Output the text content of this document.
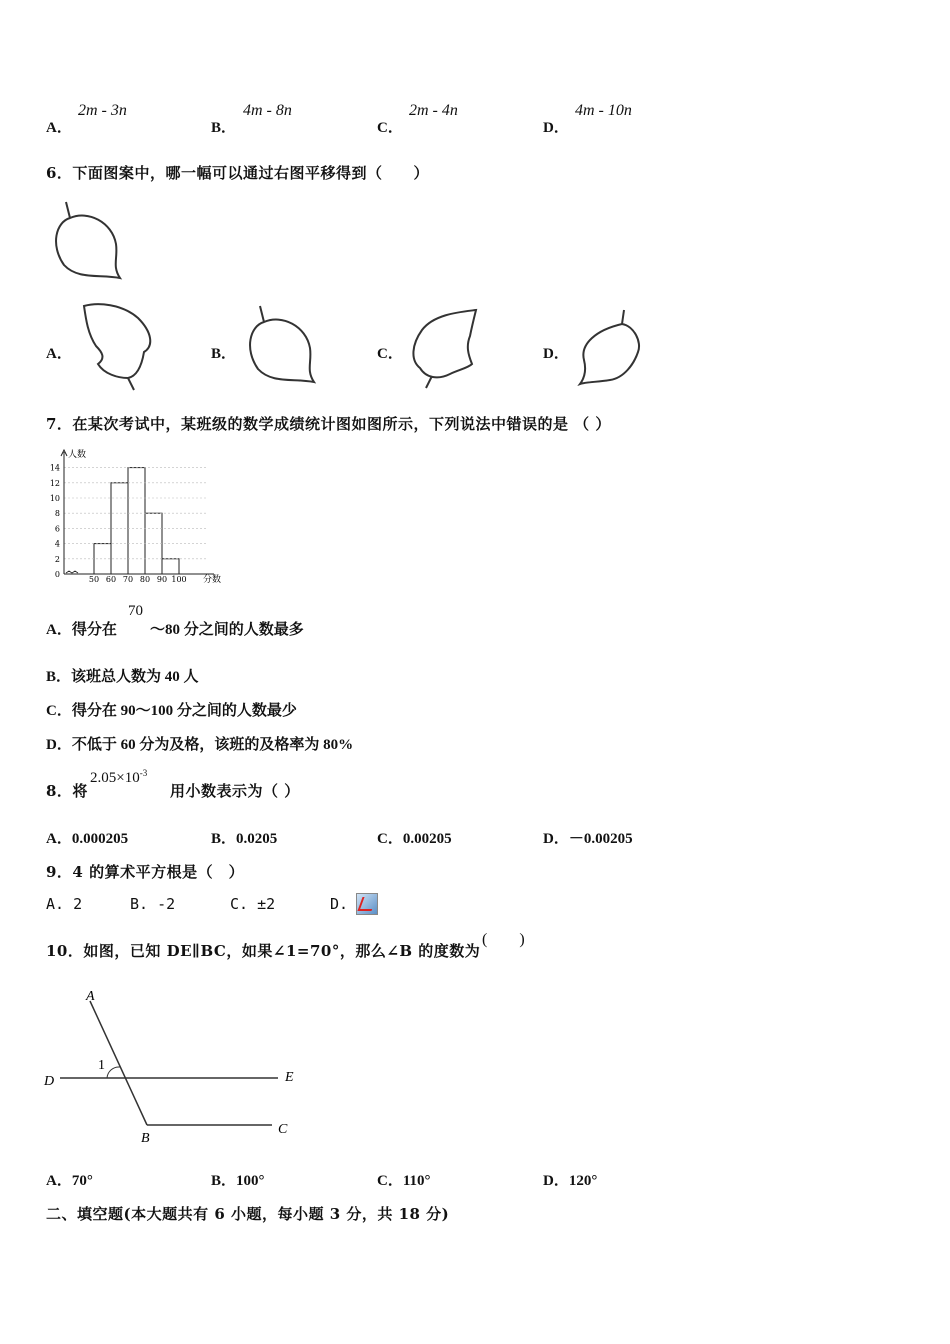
A．
2m - 3n
B．
4m - 8n
C．
2m - 4n
D．
4m - 10n
6．下面图案中，哪一幅可以通过右图平移得到（　　）
A．	B．	C．	D．
7．在某次考试中，某班级的数学成绩统计图如图所示，下列说法中错误的是 （ ）
0
2
4
6
8
10
12
14
50 60 70 80 90 100
人数
分数
A．得分在
70
～80 分之间的人数最多
B．该班总人数为 40 人
C．得分在 90～100 分之间的人数最少
D．不低于 60 分为及格，该班的及格率为 80%
8．将
$2.05\times 10^{-3}$
用小数表示为（ ）
A．0.000205	B．0.0205	C．0.00205	D．－0.00205
9．4 的算术平方根是（　）
A. 2	B. -2	C. ±2	D.
10．如图，已知 DE∥BC，如果∠1=70°，那么∠B 的度数为
(　　)
A
1
D	E
B
C
A．70°	B．100°	C．110°	D．120°
二、填空题(本大题共有 6 小题，每小题 3 分，共 18 分)
